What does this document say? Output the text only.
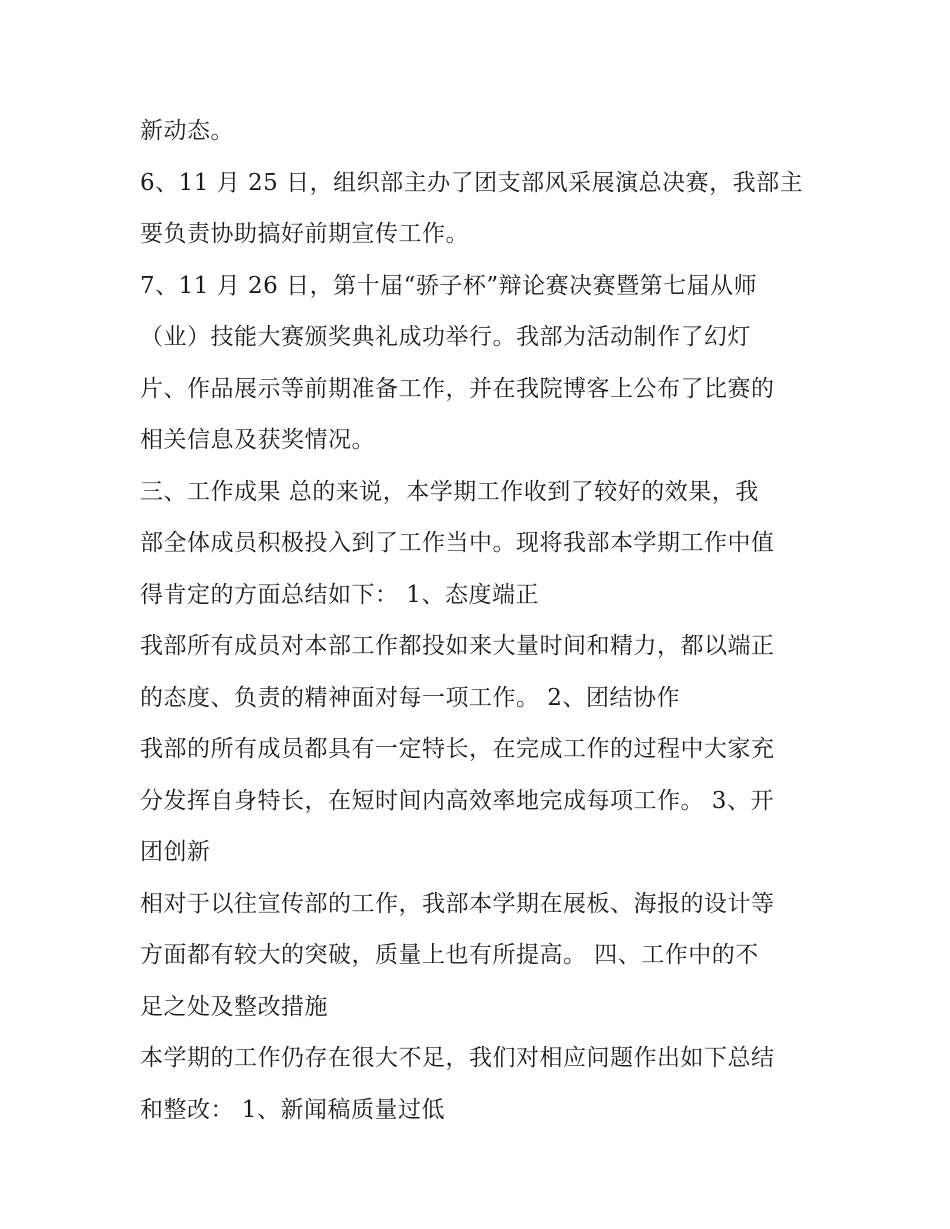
新动态。
6、11 月 25 日，组织部主办了团支部风采展演总决赛，我部主
要负责协助搞好前期宣传工作。
7、11 月 26 日，第十届“骄子杯”辩论赛决赛暨第七届从师
（业）技能大赛颁奖典礼成功举行。我部为活动制作了幻灯
片、作品展示等前期准备工作，并在我院博客上公布了比赛的
相关信息及获奖情况。
三、工作成果 总的来说，本学期工作收到了较好的效果，我
部全体成员积极投入到了工作当中。现将我部本学期工作中值
得肯定的方面总结如下： 1、态度端正
我部所有成员对本部工作都投如来大量时间和精力，都以端正
的态度、负责的精神面对每一项工作。 2、团结协作
我部的所有成员都具有一定特长，在完成工作的过程中大家充
分发挥自身特长，在短时间内高效率地完成每项工作。 3、开
团创新
相对于以往宣传部的工作，我部本学期在展板、海报的设计等
方面都有较大的突破，质量上也有所提高。 四、工作中的不
足之处及整改措施
本学期的工作仍存在很大不足，我们对相应问题作出如下总结
和整改： 1、新闻稿质量过低
